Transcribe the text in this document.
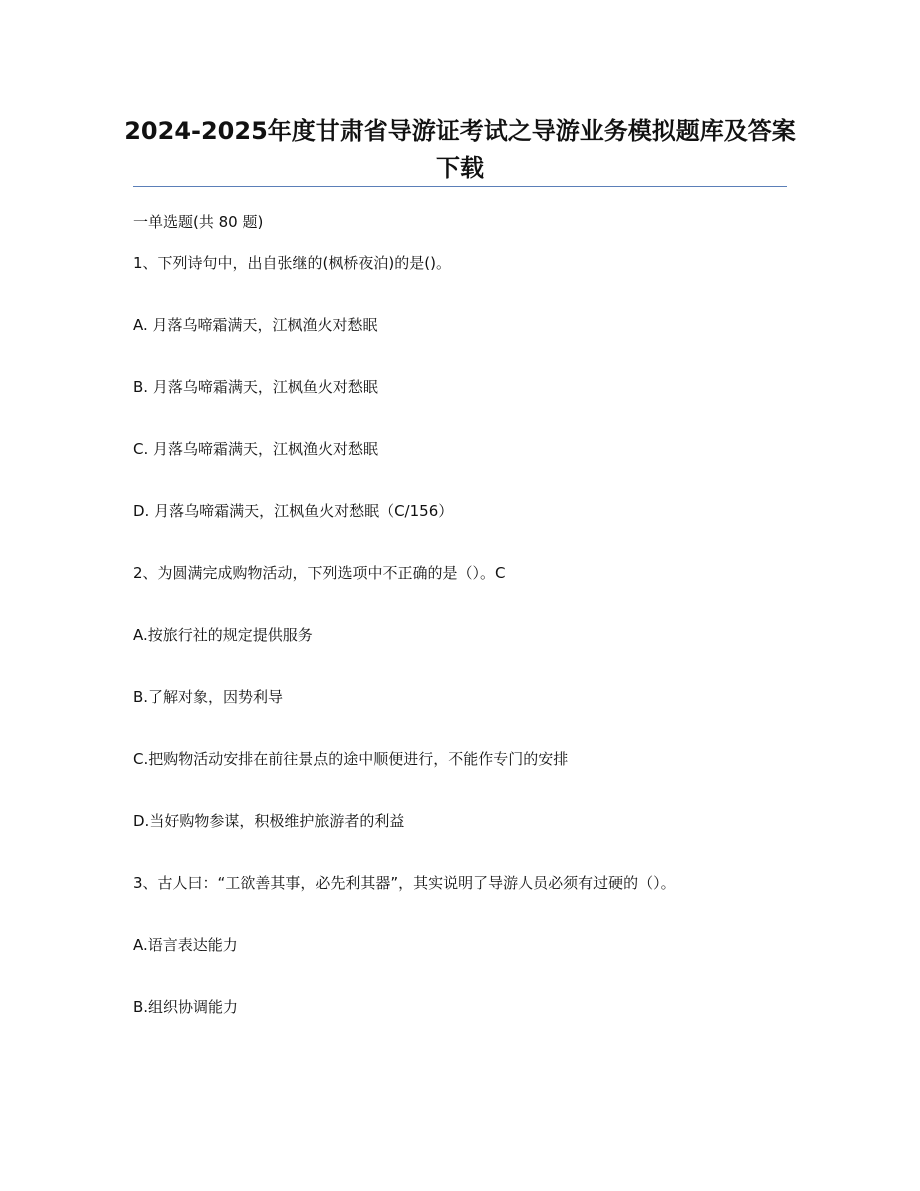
2024-2025年度甘肃省导游证考试之导游业务模拟题库及答案下载
一单选题(共 80 题)
1、下列诗句中，出自张继的(枫桥夜泊)的是()。
A. 月落乌啼霜满天，江枫渔火对愁眠
B. 月落乌啼霜满天，江枫鱼火对愁眠
C. 月落乌啼霜满天，江枫渔火对愁眠
D. 月落乌啼霜满天，江枫鱼火对愁眠（C/156）
2、为圆满完成购物活动，下列选项中不正确的是（）。C
A.按旅行社的规定提供服务
B.了解对象，因势利导
C.把购物活动安排在前往景点的途中顺便进行，不能作专门的安排
D.当好购物参谋，积极维护旅游者的利益
3、古人曰：“工欲善其事，必先利其器”，其实说明了导游人员必须有过硬的（）。
A.语言表达能力
B.组织协调能力
